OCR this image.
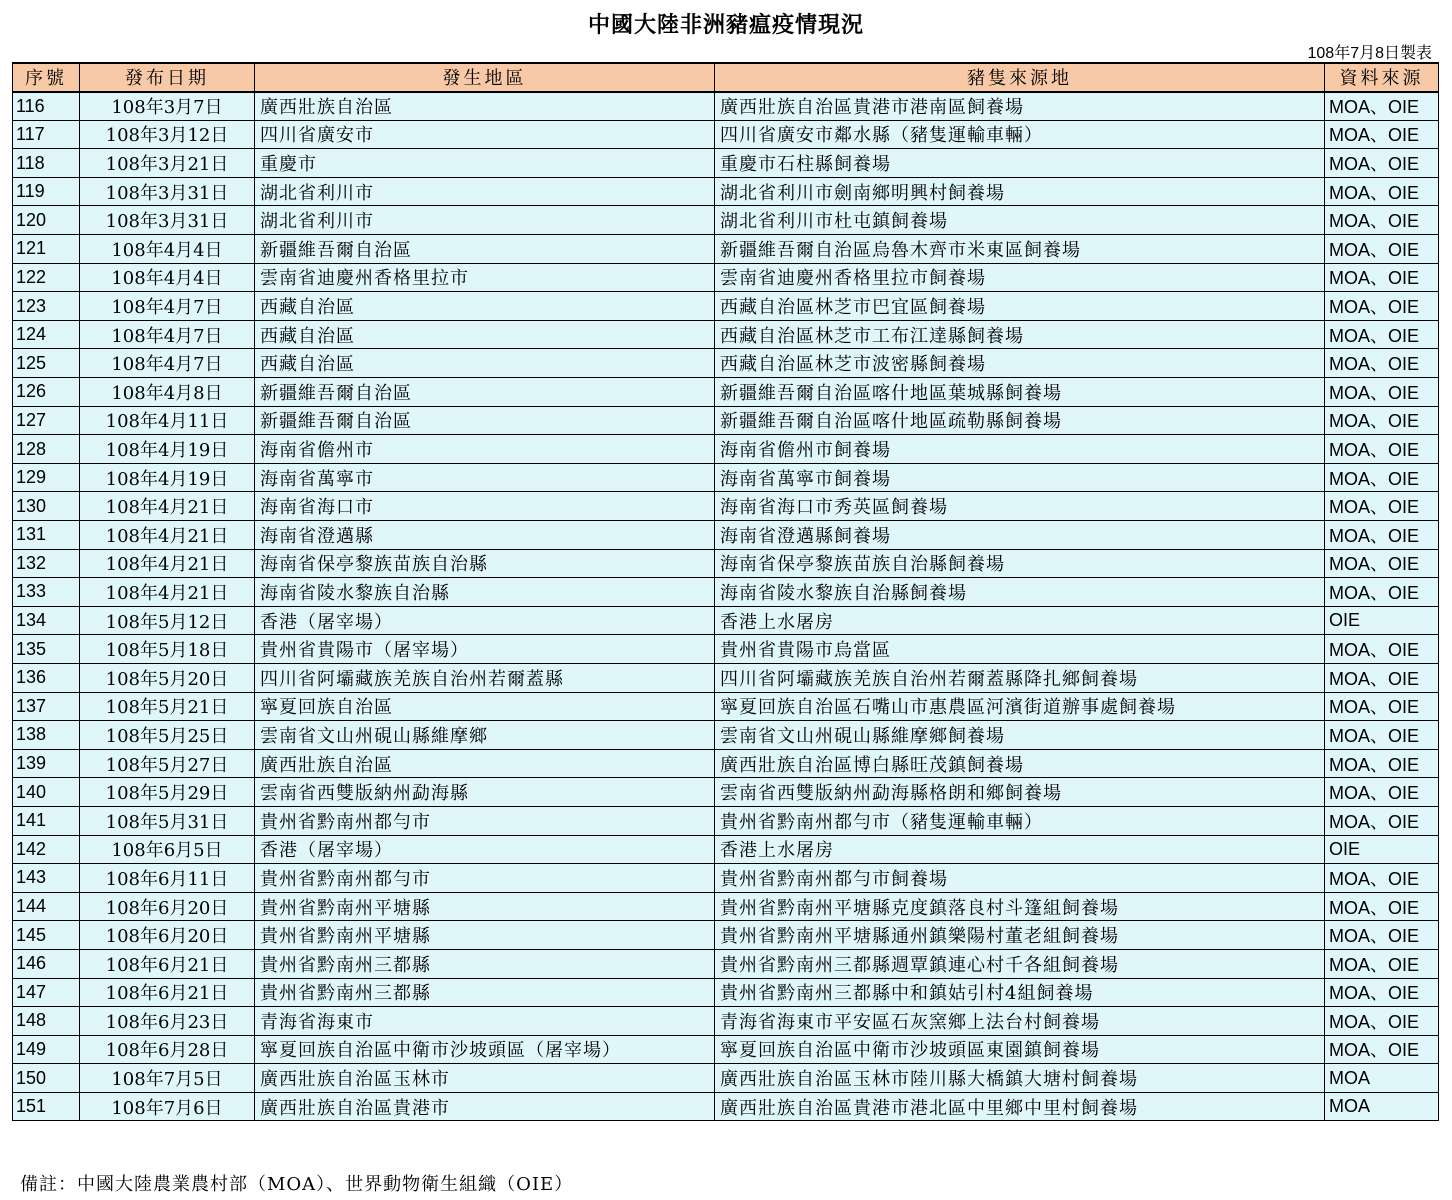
中國大陸非洲豬瘟疫情現況
108年7月8日製表
序號	發布日期	發生地區	豬隻來源地	資料來源
116	108年3月7日	廣西壯族自治區	廣西壯族自治區貴港市港南區飼養場	MOA、OIE
117	108年3月12日	四川省廣安市	四川省廣安市鄰水縣（豬隻運輸車輛）	MOA、OIE
118	108年3月21日	重慶市	重慶市石柱縣飼養場	MOA、OIE
119	108年3月31日	湖北省利川市	湖北省利川市劍南鄉明興村飼養場	MOA、OIE
120	108年3月31日	湖北省利川市	湖北省利川市杜屯鎮飼養場	MOA、OIE
121	108年4月4日	新疆維吾爾自治區	新疆維吾爾自治區烏魯木齊市米東區飼養場	MOA、OIE
122	108年4月4日	雲南省迪慶州香格里拉市	雲南省迪慶州香格里拉市飼養場	MOA、OIE
123	108年4月7日	西藏自治區	西藏自治區林芝市巴宜區飼養場	MOA、OIE
124	108年4月7日	西藏自治區	西藏自治區林芝市工布江達縣飼養場	MOA、OIE
125	108年4月7日	西藏自治區	西藏自治區林芝市波密縣飼養場	MOA、OIE
126	108年4月8日	新疆維吾爾自治區	新疆維吾爾自治區喀什地區葉城縣飼養場	MOA、OIE
127	108年4月11日	新疆維吾爾自治區	新疆維吾爾自治區喀什地區疏勒縣飼養場	MOA、OIE
128	108年4月19日	海南省儋州市	海南省儋州市飼養場	MOA、OIE
129	108年4月19日	海南省萬寧市	海南省萬寧市飼養場	MOA、OIE
130	108年4月21日	海南省海口市	海南省海口市秀英區飼養場	MOA、OIE
131	108年4月21日	海南省澄邁縣	海南省澄邁縣飼養場	MOA、OIE
132	108年4月21日	海南省保亭黎族苗族自治縣	海南省保亭黎族苗族自治縣飼養場	MOA、OIE
133	108年4月21日	海南省陵水黎族自治縣	海南省陵水黎族自治縣飼養場	MOA、OIE
134	108年5月12日	香港（屠宰場）	香港上水屠房	OIE
135	108年5月18日	貴州省貴陽市（屠宰場）	貴州省貴陽市烏當區	MOA、OIE
136	108年5月20日	四川省阿壩藏族羌族自治州若爾蓋縣	四川省阿壩藏族羌族自治州若爾蓋縣降扎鄉飼養場	MOA、OIE
137	108年5月21日	寧夏回族自治區	寧夏回族自治區石嘴山市惠農區河濱街道辦事處飼養場	MOA、OIE
138	108年5月25日	雲南省文山州硯山縣維摩鄉	雲南省文山州硯山縣維摩鄉飼養場	MOA、OIE
139	108年5月27日	廣西壯族自治區	廣西壯族自治區博白縣旺茂鎮飼養場	MOA、OIE
140	108年5月29日	雲南省西雙版納州勐海縣	雲南省西雙版納州勐海縣格朗和鄉飼養場	MOA、OIE
141	108年5月31日	貴州省黔南州都勻市	貴州省黔南州都勻市（豬隻運輸車輛）	MOA、OIE
142	108年6月5日	香港（屠宰場）	香港上水屠房	OIE
143	108年6月11日	貴州省黔南州都勻市	貴州省黔南州都勻市飼養場	MOA、OIE
144	108年6月20日	貴州省黔南州平塘縣	貴州省黔南州平塘縣克度鎮落良村斗篷組飼養場	MOA、OIE
145	108年6月20日	貴州省黔南州平塘縣	貴州省黔南州平塘縣通州鎮樂陽村董老組飼養場	MOA、OIE
146	108年6月21日	貴州省黔南州三都縣	貴州省黔南州三都縣週覃鎮連心村千各組飼養場	MOA、OIE
147	108年6月21日	貴州省黔南州三都縣	貴州省黔南州三都縣中和鎮姑引村4組飼養場	MOA、OIE
148	108年6月23日	青海省海東市	青海省海東市平安區石灰窯鄉上法台村飼養場	MOA、OIE
149	108年6月28日	寧夏回族自治區中衛市沙坡頭區（屠宰場）	寧夏回族自治區中衛市沙坡頭區東園鎮飼養場	MOA、OIE
150	108年7月5日	廣西壯族自治區玉林市	廣西壯族自治區玉林市陸川縣大橋鎮大塘村飼養場	MOA
151	108年7月6日	廣西壯族自治區貴港市	廣西壯族自治區貴港市港北區中里鄉中里村飼養場	MOA
備註：中國大陸農業農村部（MOA）、世界動物衛生組織（OIE）
